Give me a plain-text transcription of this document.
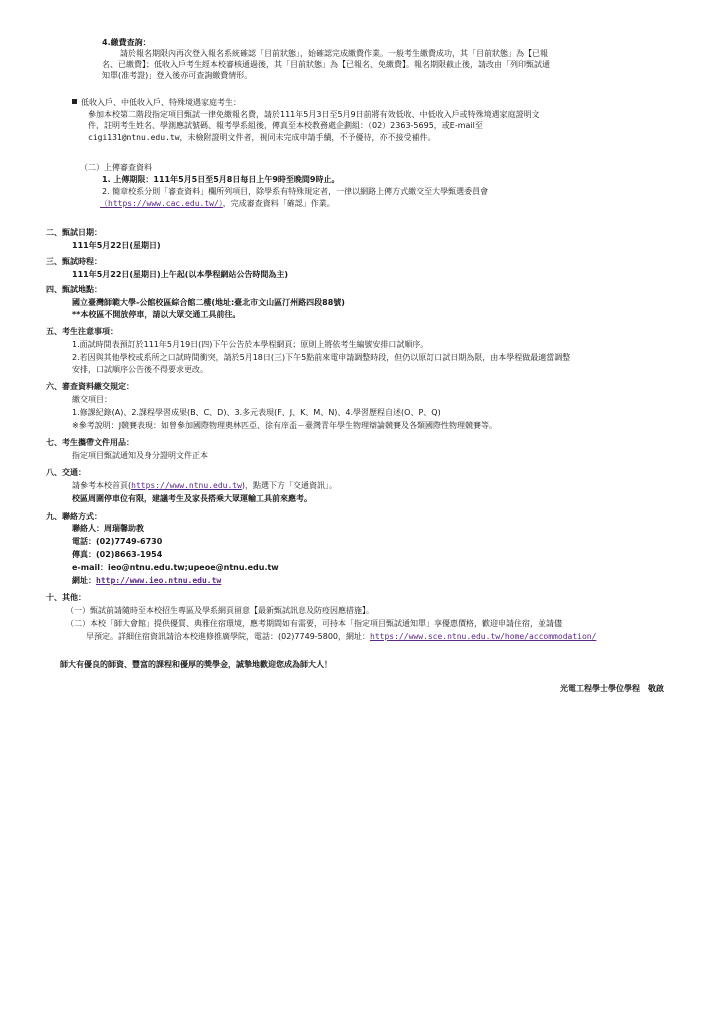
4.繳費查詢：
請於報名期限內再次登入報名系統確認「目前狀態」，始確認完成繳費作業。一般考生繳費成功，其「目前狀態」為【已報
名、已繳費】；低收入戶考生經本校審核通過後，其「目前狀態」為【已報名、免繳費】。報名期限截止後，請改由「列印甄試通
知單(准考證)」登入後亦可查詢繳費情形。
低收入戶、中低收入戶、特殊境遇家庭考生：
參加本校第二階段指定項目甄試一律免繳報名費，請於111年5月3日至5月9日前將有效低收、中低收入戶或特殊境遇家庭證明文
件，註明考生姓名、學測應試號碼、報考學系組後，傳真至本校教務處企劃組：（02）2363-5695，或E-mail至
cigi131@ntnu.edu.tw，未檢附證明文件者，視同未完成申請手續，不予優待，亦不接受補件。
（二）上傳審查資料
1. 上傳期限：111年5月5日至5月8日每日上午9時至晚間9時止。
2. 簡章校系分則「審查資料」欄所列項目，除學系有特殊規定者，一律以網路上傳方式繳交至大學甄選委員會
（https://www.cac.edu.tw/），完成審查資料「確認」作業。
二、甄試日期：
111年5月22日(星期日)
三、甄試時程：
111年5月22日(星期日)上午起(以本學程網站公告時間為主)
四、甄試地點：
國立臺灣師範大學-公館校區綜合館二樓(地址:臺北市文山區汀州路四段88號)
**本校區不開放停車，請以大眾交通工具前往。
五、考生注意事項：
1.面試時間表預訂於111年5月19日(四)下午公告於本學程網頁；原則上將依考生編號安排口試順序。
2.若因與其他學校或系所之口試時間衝突，請於5月18日(三)下午5點前來電申請調整時段，但仍以原訂口試日期為限，由本學程做最適當調整
安排，口試順序公告後不得要求更改。
六、審查資料繳交規定：
繳交項目：
1.修課紀錄(A)、2.課程學習成果(B、C、D)、3.多元表現(F、J、K、M、N)、4.學習歷程自述(O、P、Q)
※參考說明：J競賽表現：如曾參加國際物理奧林匹亞、徐有庠盃－臺灣青年學生物理辯論競賽及各類國際性物理競賽等。
七、考生攜帶文件用品：
指定項目甄試通知及身分證明文件正本
八、交通：
請參考本校首頁(https://www.ntnu.edu.tw)，點選下方「交通資訊」。
校區周圍停車位有限，建議考生及家長搭乘大眾運輸工具前來應考。
九、聯絡方式：
聯絡人：周瑞馨助教
電話：(02)7749-6730
傳真：(02)8663-1954
e-mail：ieo@ntnu.edu.tw;upeoe@ntnu.edu.tw
網址：http://www.ieo.ntnu.edu.tw
十、其他：
（一）甄試前請隨時至本校招生專區及學系網頁留意【最新甄試訊息及防疫因應措施】。
（二）本校「師大會館」提供優質、典雅住宿環境，應考期間如有需要，可持本「指定項目甄試通知單」享優惠價格，歡迎申請住宿，並請儘
早預定。詳細住宿資訊請洽本校進修推廣學院，電話：(02)7749-5800，網址：https://www.sce.ntnu.edu.tw/home/accommodation/
師大有優良的師資、豐富的課程和優厚的獎學金，誠摯地歡迎您成為師大人！
光電工程學士學位學程　敬啟
